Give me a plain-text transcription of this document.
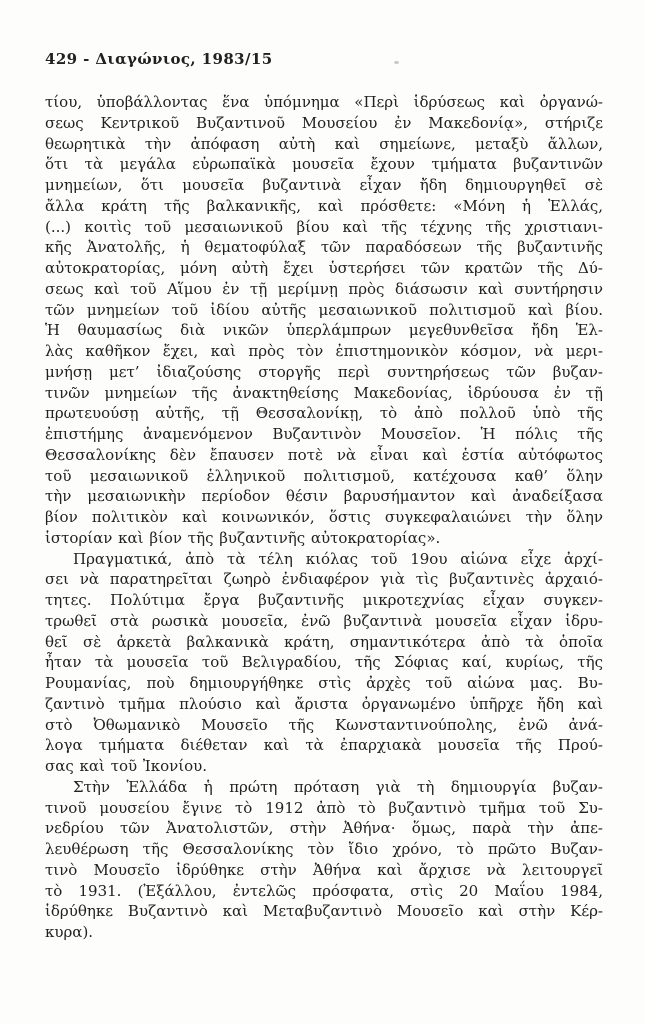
429 - Διαγώνιος, 1983/15
τίου, ὑποβάλλοντας ἕνα ὑπόμνημα «Περὶ ἱδρύσεως καὶ ὀργανώ-
σεως Κεντρικοῦ Βυζαντινοῦ Μουσείου ἐν Μακεδονίᾳ», στήριζε
θεωρητικὰ τὴν ἀπόφαση αὐτὴ καὶ σημείωνε, μεταξὺ ἄλλων,
ὅτι τὰ μεγάλα εὐρωπαϊκὰ μουσεῖα ἔχουν τμήματα βυζαντινῶν
μνημείων, ὅτι μουσεῖα βυζαντινὰ εἶχαν ἤδη δημιουργηθεῖ σὲ
ἄλλα κράτη τῆς βαλκανικῆς, καὶ πρόσθετε: «Μόνη ἡ Ἑλλάς,
(...) κοιτὶς τοῦ μεσαιωνικοῦ βίου καὶ τῆς τέχνης τῆς χριστιανι-
κῆς Ἀνατολῆς, ἡ θεματοφύλαξ τῶν παραδόσεων τῆς βυζαντινῆς
αὐτοκρατορίας, μόνη αὐτὴ ἔχει ὑστερήσει τῶν κρατῶν τῆς Δύ-
σεως καὶ τοῦ Αἵμου ἐν τῇ μερίμνῃ πρὸς διάσωσιν καὶ συντήρησιν
τῶν μνημείων τοῦ ἰδίου αὐτῆς μεσαιωνικοῦ πολιτισμοῦ καὶ βίου.
Ἡ θαυμασίως διὰ νικῶν ὑπερλάμπρων μεγεθυνθεῖσα ἤδη Ἑλ-
λὰς καθῆκον ἔχει, καὶ πρὸς τὸν ἐπιστημονικὸν κόσμον, νὰ μερι-
μνήσῃ μετ’ ἰδιαζούσης στοργῆς περὶ συντηρήσεως τῶν βυζαν-
τινῶν μνημείων τῆς ἀνακτηθείσης Μακεδονίας, ἱδρύουσα ἐν τῇ
πρωτευούσῃ αὐτῆς, τῇ Θεσσαλονίκῃ, τὸ ἀπὸ πολλοῦ ὑπὸ τῆς
ἐπιστήμης ἀναμενόμενον Βυζαντινὸν Μουσεῖον. Ἡ πόλις τῆς
Θεσσαλονίκης δὲν ἔπαυσεν ποτὲ νὰ εἶναι καὶ ἑστία αὐτόφωτος
τοῦ μεσαιωνικοῦ ἑλληνικοῦ πολιτισμοῦ, κατέχουσα καθ’ ὅλην
τὴν μεσαιωνικὴν περίοδον θέσιν βαρυσήμαντον καὶ ἀναδείξασα
βίον πολιτικὸν καὶ κοινωνικόν, ὅστις συγκεφαλαιώνει τὴν ὅλην
ἱστορίαν καὶ βίον τῆς βυζαντινῆς αὐτοκρατορίας».
Πραγματικά, ἀπὸ τὰ τέλη κιόλας τοῦ 19ου αἰώνα εἶχε ἀρχί-
σει νὰ παρατηρεῖται ζωηρὸ ἐνδιαφέρον γιὰ τὶς βυζαντινὲς ἀρχαιό-
τητες. Πολύτιμα ἔργα βυζαντινῆς μικροτεχνίας εἶχαν συγκεν-
τρωθεῖ στὰ ρωσικὰ μουσεῖα, ἐνῶ βυζαντινὰ μουσεῖα εἶχαν ἱδρυ-
θεῖ σὲ ἀρκετὰ βαλκανικὰ κράτη, σημαντικότερα ἀπὸ τὰ ὁποῖα
ἦταν τὰ μουσεῖα τοῦ Βελιγραδίου, τῆς Σόφιας καί, κυρίως, τῆς
Ρουμανίας, ποὺ δημιουργήθηκε στὶς ἀρχὲς τοῦ αἰώνα μας. Βυ-
ζαντινὸ τμῆμα πλούσιο καὶ ἄριστα ὀργανωμένο ὑπῆρχε ἤδη καὶ
στὸ Ὀθωμανικὸ Μουσεῖο τῆς Κωνσταντινούπολης, ἐνῶ ἀνά-
λογα τμήματα διέθεταν καὶ τὰ ἐπαρχιακὰ μουσεῖα τῆς Πρού-
σας καὶ τοῦ Ἰκονίου.
Στὴν Ἑλλάδα ἡ πρώτη πρόταση γιὰ τὴ δημιουργία βυζαν-
τινοῦ μουσείου ἔγινε τὸ 1912 ἀπὸ τὸ βυζαντινὸ τμῆμα τοῦ Συ-
νεδρίου τῶν Ἀνατολιστῶν, στὴν Ἀθήνα· ὅμως, παρὰ τὴν ἀπε-
λευθέρωση τῆς Θεσσαλονίκης τὸν ἴδιο χρόνο, τὸ πρῶτο Βυζαν-
τινὸ Μουσεῖο ἱδρύθηκε στὴν Ἀθήνα καὶ ἄρχισε νὰ λειτουργεῖ
τὸ 1931. (Ἐξάλλου, ἐντελῶς πρόσφατα, στὶς 20 Μαΐου 1984,
ἱδρύθηκε Βυζαντινὸ καὶ Μεταβυζαντινὸ Μουσεῖο καὶ στὴν Κέρ-
κυρα).
